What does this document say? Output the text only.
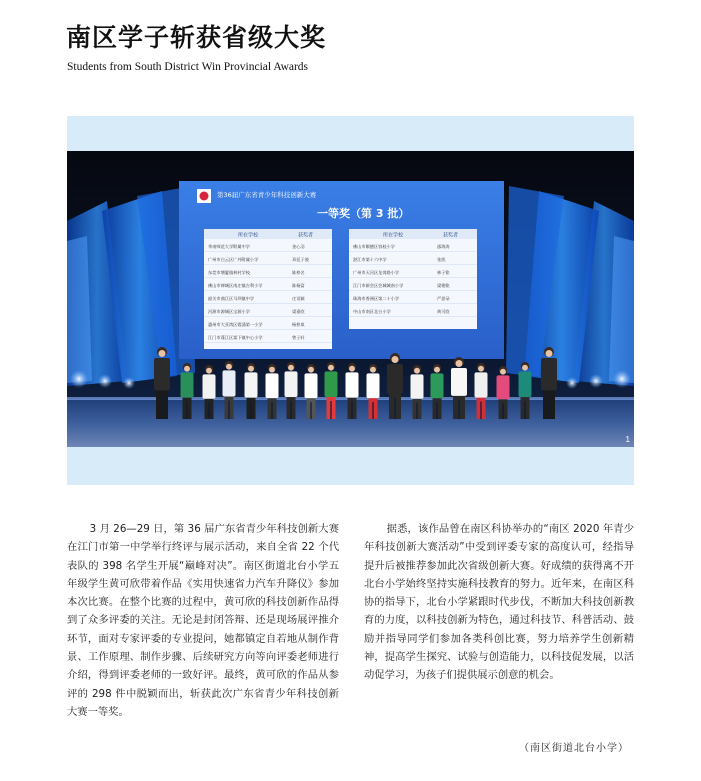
南区学子斩获省级大奖
Students from South District Win Provincial Awards
第36届广东省青少年科技创新大赛
一等奖（第 3 批）
所在学校	获奖者
华南师范大学附属中学	金心羽
广州市白云区广外附属小学	邓廷子骏
东莞市塘厦镇林村学校	陈梓名
佛山市禅城区南庄镇吉利小学	陈杨富
韶关市曲江区马坝镇中学	庄诏颖
河源市源城区宝源小学	梁嘉欣
惠州市大亚湾区霞涌第一小学	杨梓岚
江门市蓬江区棠下镇中心小学	曾子轩
所在学校	获奖者
佛山市顺德区容桂小学	邵海涛
湛江市第十六中学	张凯
广州市天河区龙岗路小学	林子铭
江门市新会区会城城南小学	梁栩铭
珠海市香洲区第二十小学	严思朵
中山市南区北台小学	黄可欣
1

3 月 26—29 日，第 36 届广东省青少年科技创新大赛在江门市第一中学举行终评与展示活动，来自全省 22 个代表队的 398 名学生开展“巅峰对决”。南区街道北台小学五年级学生黄可欣带着作品《实用快速省力汽车升降仪》参加本次比赛。在整个比赛的过程中，黄可欣的科技创新作品得到了众多评委的关注。无论是封闭答辩、还是现场展评推介环节，面对专家评委的专业提问，她都镇定自若地从制作背景、工作原理、制作步骤、后续研究方向等向评委老师进行介绍，得到评委老师的一致好评。最终，黄可欣的作品从参评的 298 件中脱颖而出，斩获此次广东省青少年科技创新大赛一等奖。

据悉，该作品曾在南区科协举办的“南区 2020 年青少年科技创新大赛活动”中受到评委专家的高度认可，经指导提升后被推荐参加此次省级创新大赛。好成绩的获得离不开北台小学始终坚持实施科技教育的努力。近年来，在南区科协的指导下，北台小学紧跟时代步伐，不断加大科技创新教育的力度，以科技创新为特色，通过科技节、科普活动、鼓励并指导同学们参加各类科创比赛，努力培养学生创新精神，提高学生探究、试验与创造能力，以科技促发展，以活动促学习，为孩子们提供展示创意的机会。

（南区街道北台小学）
